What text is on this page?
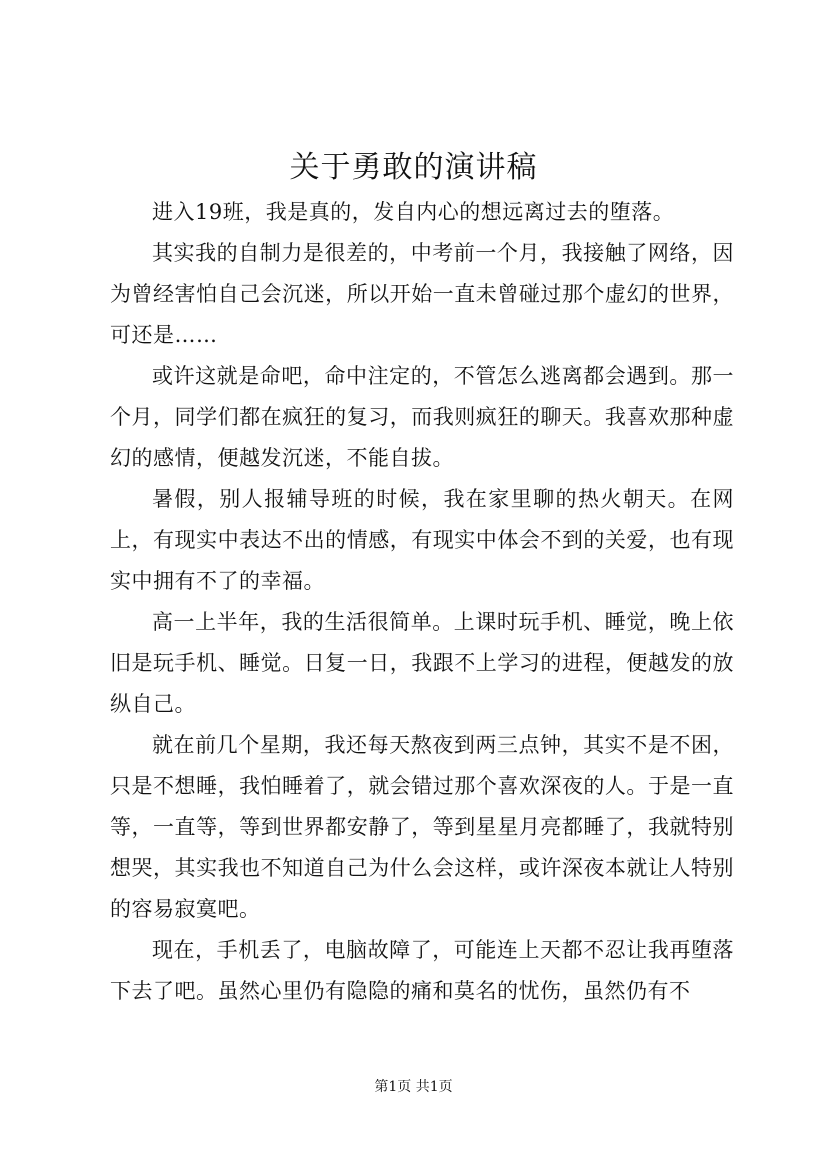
关于勇敢的演讲稿

进入19班，我是真的，发自内心的想远离过去的堕落。

其实我的自制力是很差的，中考前一个月，我接触了网络，因为曾经害怕自己会沉迷，所以开始一直未曾碰过那个虚幻的世界，可还是……

或许这就是命吧，命中注定的，不管怎么逃离都会遇到。那一个月，同学们都在疯狂的复习，而我则疯狂的聊天。我喜欢那种虚幻的感情，便越发沉迷，不能自拔。

暑假，别人报辅导班的时候，我在家里聊的热火朝天。在网上，有现实中表达不出的情感，有现实中体会不到的关爱，也有现实中拥有不了的幸福。

高一上半年，我的生活很简单。上课时玩手机、睡觉，晚上依旧是玩手机、睡觉。日复一日，我跟不上学习的进程，便越发的放纵自己。

就在前几个星期，我还每天熬夜到两三点钟，其实不是不困，只是不想睡，我怕睡着了，就会错过那个喜欢深夜的人。于是一直等，一直等，等到世界都安静了，等到星星月亮都睡了，我就特别想哭，其实我也不知道自己为什么会这样，或许深夜本就让人特别的容易寂寞吧。

现在，手机丢了，电脑故障了，可能连上天都不忍让我再堕落下去了吧。虽然心里仍有隐隐的痛和莫名的忧伤，虽然仍有不

第1页 共1页
